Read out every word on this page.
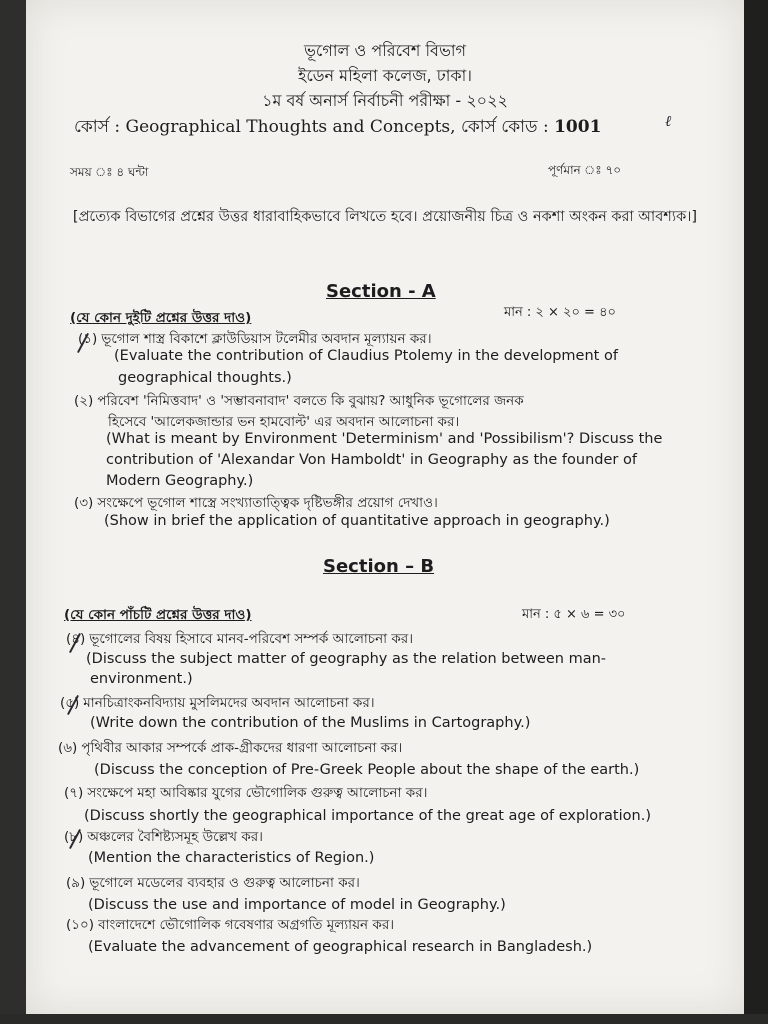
ভূগোল ও পরিবেশ বিভাগ
ইডেন মহিলা কলেজ, ঢাকা।
১ম বর্ষ অনার্স নির্বাচনী পরীক্ষা - ২০২২
কোর্স : Geographical Thoughts and Concepts, কোর্স কোড : 1001	ℓ
সময় ঃ ৪ ঘন্টা	পূর্ণমান ঃ ৭০
[প্রত্যেক বিভাগের প্রশ্নের উত্তর ধারাবাহিকভাবে লিখতে হবে। প্রয়োজনীয় চিত্র ও নকশা অংকন করা আবশ্যক।]
Section - A
(যে কোন দুইটি প্রশ্নের উত্তর দাও)	মান : ২ × ২০ = ৪০
(১) ভূগোল শাস্ত্র বিকাশে ক্লাউডিয়াস টলেমীর অবদান মূল্যায়ন কর।
(Evaluate the contribution of Claudius Ptolemy in the development of
geographical thoughts.)
(২) পরিবেশ 'নিমিত্তবাদ' ও 'সম্ভাবনাবাদ' বলতে কি বুঝায়? আধুনিক ভূগোলের জনক
হিসেবে 'আলেকজান্ডার ভন হামবোল্ট' এর অবদান আলোচনা কর।
(What is meant by Environment 'Determinism' and 'Possibilism'? Discuss the
contribution of 'Alexandar Von Hamboldt' in Geography as the founder of
Modern Geography.)
(৩) সংক্ষেপে ভূগোল শাস্ত্রে সংখ্যাতাত্ত্বিক দৃষ্টিভঙ্গীর প্রয়োগ দেখাও।
(Show in brief the application of quantitative approach in geography.)
Section – B
(যে কোন পাঁচটি প্রশ্নের উত্তর দাও)	মান : ৫ × ৬ = ৩০
(৪) ভূগোলের বিষয় হিসাবে মানব-পরিবেশ সম্পর্ক আলোচনা কর।
(Discuss the subject matter of geography as the relation between man-
environment.)
(৫) মানচিত্রাংকনবিদ্যায় মুসলিমদের অবদান আলোচনা কর।
(Write down the contribution of the Muslims in Cartography.)
(৬) পৃথিবীর আকার সম্পর্কে প্রাক-গ্রীকদের ধারণা আলোচনা কর।
(Discuss the conception of Pre-Greek People about the shape of the earth.)
(৭) সংক্ষেপে মহা আবিষ্কার যুগের ভৌগোলিক গুরুত্ব আলোচনা কর।
(Discuss shortly the geographical importance of the great age of exploration.)
(৮) অঞ্চলের বৈশিষ্ট্যসমূহ উল্লেখ কর।
(Mention the characteristics of Region.)
(৯) ভূগোলে মডেলের ব্যবহার ও গুরুত্ব আলোচনা কর।
(Discuss the use and importance of model in Geography.)
(১০) বাংলাদেশে ভৌগোলিক গবেষণার অগ্রগতি মূল্যায়ন কর।
(Evaluate the advancement of geographical research in Bangladesh.)
